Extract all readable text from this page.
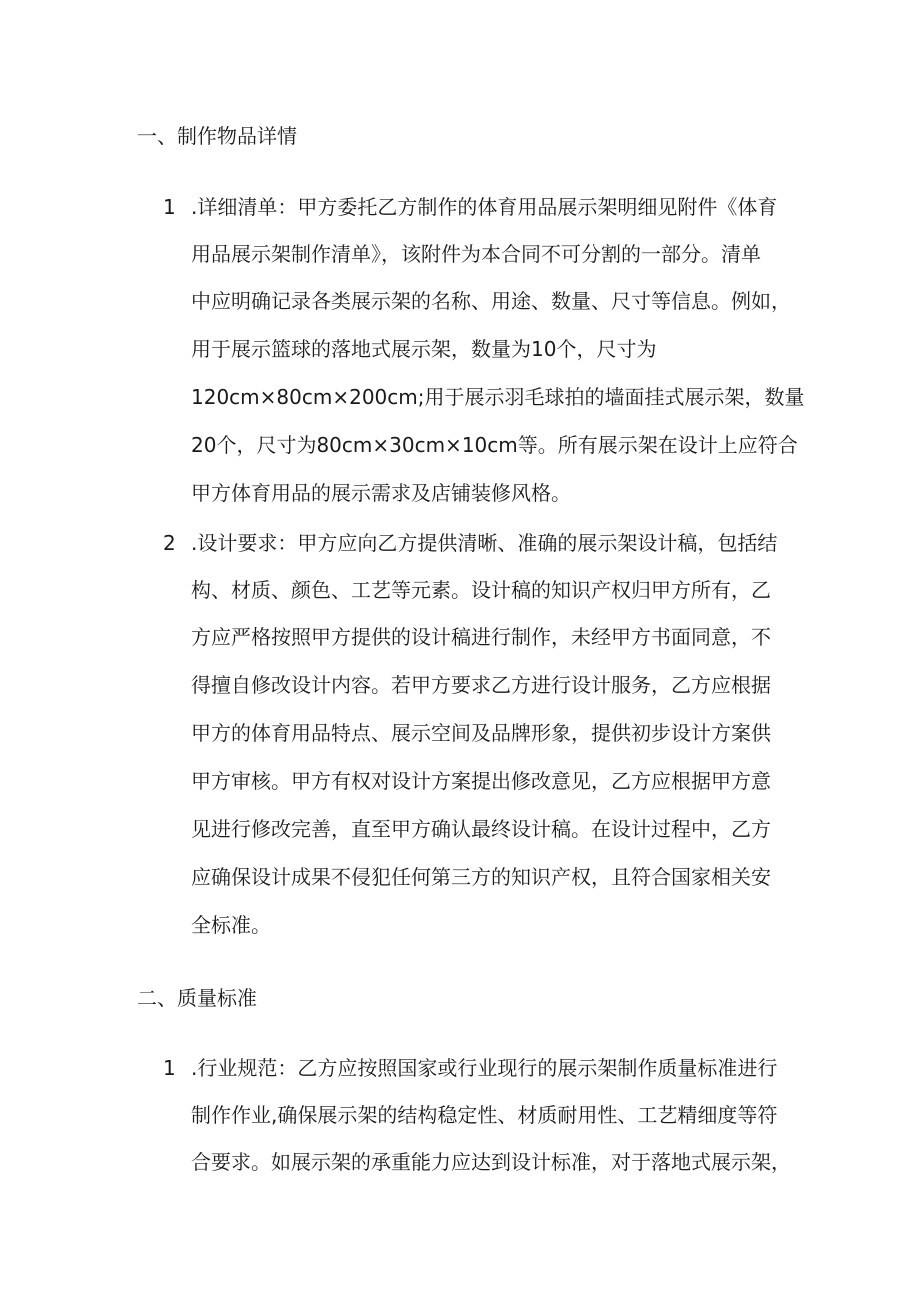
一、制作物品详情
1 .详细清单：甲方委托乙方制作的体育用品展示架明细见附件《体育
用品展示架制作清单》，该附件为本合同不可分割的一部分。清单
中应明确记录各类展示架的名称、用途、数量、尺寸等信息。例如，
用于展示篮球的落地式展示架，数量为10个，尺寸为
120cm×80cm×200cm;用于展示羽毛球拍的墙面挂式展示架，数量
20个，尺寸为80cm×30cm×10cm等。所有展示架在设计上应符合
甲方体育用品的展示需求及店铺装修风格。
2 .设计要求：甲方应向乙方提供清晰、准确的展示架设计稿，包括结
构、材质、颜色、工艺等元素。设计稿的知识产权归甲方所有，乙
方应严格按照甲方提供的设计稿进行制作，未经甲方书面同意，不
得擅自修改设计内容。若甲方要求乙方进行设计服务，乙方应根据
甲方的体育用品特点、展示空间及品牌形象，提供初步设计方案供
甲方审核。甲方有权对设计方案提出修改意见，乙方应根据甲方意
见进行修改完善，直至甲方确认最终设计稿。在设计过程中，乙方
应确保设计成果不侵犯任何第三方的知识产权，且符合国家相关安
全标准。
二、质量标准
1 .行业规范：乙方应按照国家或行业现行的展示架制作质量标准进行
制作作业,确保展示架的结构稳定性、材质耐用性、工艺精细度等符
合要求。如展示架的承重能力应达到设计标准，对于落地式展示架，
